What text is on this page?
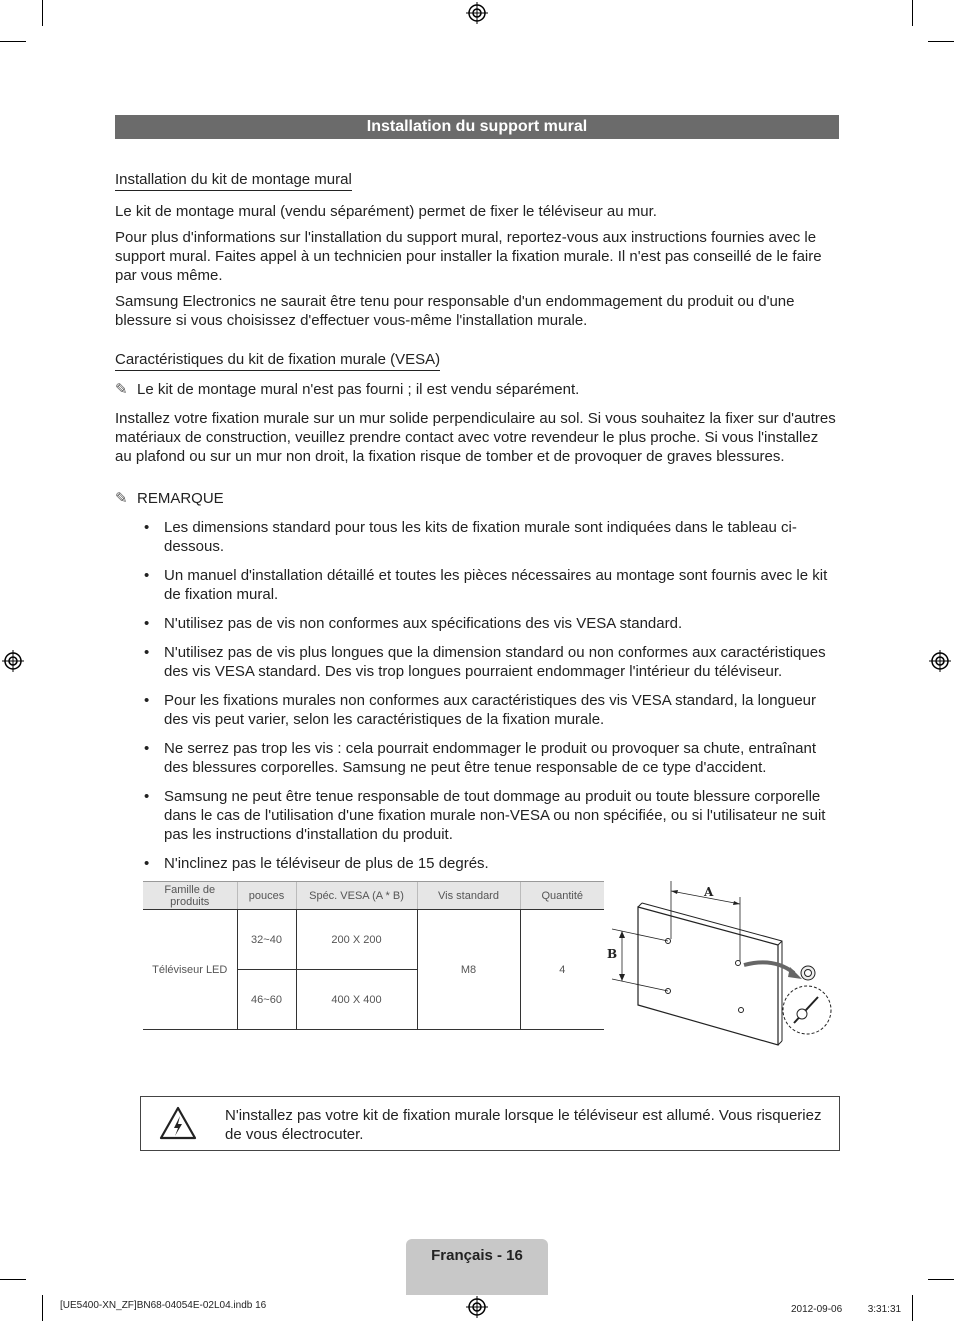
Installation du support mural
Installation du kit de montage mural
Le kit de montage mural (vendu séparément) permet de fixer le téléviseur au mur.
Pour plus d'informations sur l'installation du support mural, reportez-vous aux instructions fournies avec le support mural. Faites appel à un technicien pour installer la fixation murale. Il n'est pas conseillé de le faire par vous même.
Samsung Electronics ne saurait être tenu pour responsable d'un endommagement du produit ou d'une blessure si vous choisissez d'effectuer vous-même l'installation murale.
Caractéristiques du kit de fixation murale (VESA)
✎ Le kit de montage mural n'est pas fourni ; il est vendu séparément.
Installez votre fixation murale sur un mur solide perpendiculaire au sol. Si vous souhaitez la fixer sur d'autres matériaux de construction, veuillez prendre contact avec votre revendeur le plus proche. Si vous l'installez au plafond ou sur un mur non droit, la fixation risque de tomber et de provoquer de graves blessures.
✎ REMARQUE
• Les dimensions standard pour tous les kits de fixation murale sont indiquées dans le tableau ci-dessous.
• Un manuel d'installation détaillé et toutes les pièces nécessaires au montage sont fournis avec le kit de fixation mural.
• N'utilisez pas de vis non conformes aux spécifications des vis VESA standard.
• N'utilisez pas de vis plus longues que la dimension standard ou non conformes aux caractéristiques des vis VESA standard. Des vis trop longues pourraient endommager l'intérieur du téléviseur.
• Pour les fixations murales non conformes aux caractéristiques des vis VESA standard, la longueur des vis peut varier, selon les caractéristiques de la fixation murale.
• Ne serrez pas trop les vis : cela pourrait endommager le produit ou provoquer sa chute, entraînant des blessures corporelles. Samsung ne peut être tenue responsable de ce type d'accident.
• Samsung ne peut être tenue responsable de tout dommage au produit ou toute blessure corporelle dans le cas de l'utilisation d'une fixation murale non-VESA ou non spécifiée, ou si l'utilisateur ne suit pas les instructions d'installation du produit.
• N'inclinez pas le téléviseur de plus de 15 degrés.
Famille de produits	pouces	Spéc. VESA (A * B)	Vis standard	Quantité
Téléviseur LED	32~40	200 X 200	M8	4
	46~60	400 X 400		
A
B
N'installez pas votre kit de fixation murale lorsque le téléviseur est allumé. Vous risqueriez de vous électrocuter.
Français - 16
[UE5400-XN_ZF]BN68-04054E-02L04.indb 16	2012-09-06 　　 3:31:31
